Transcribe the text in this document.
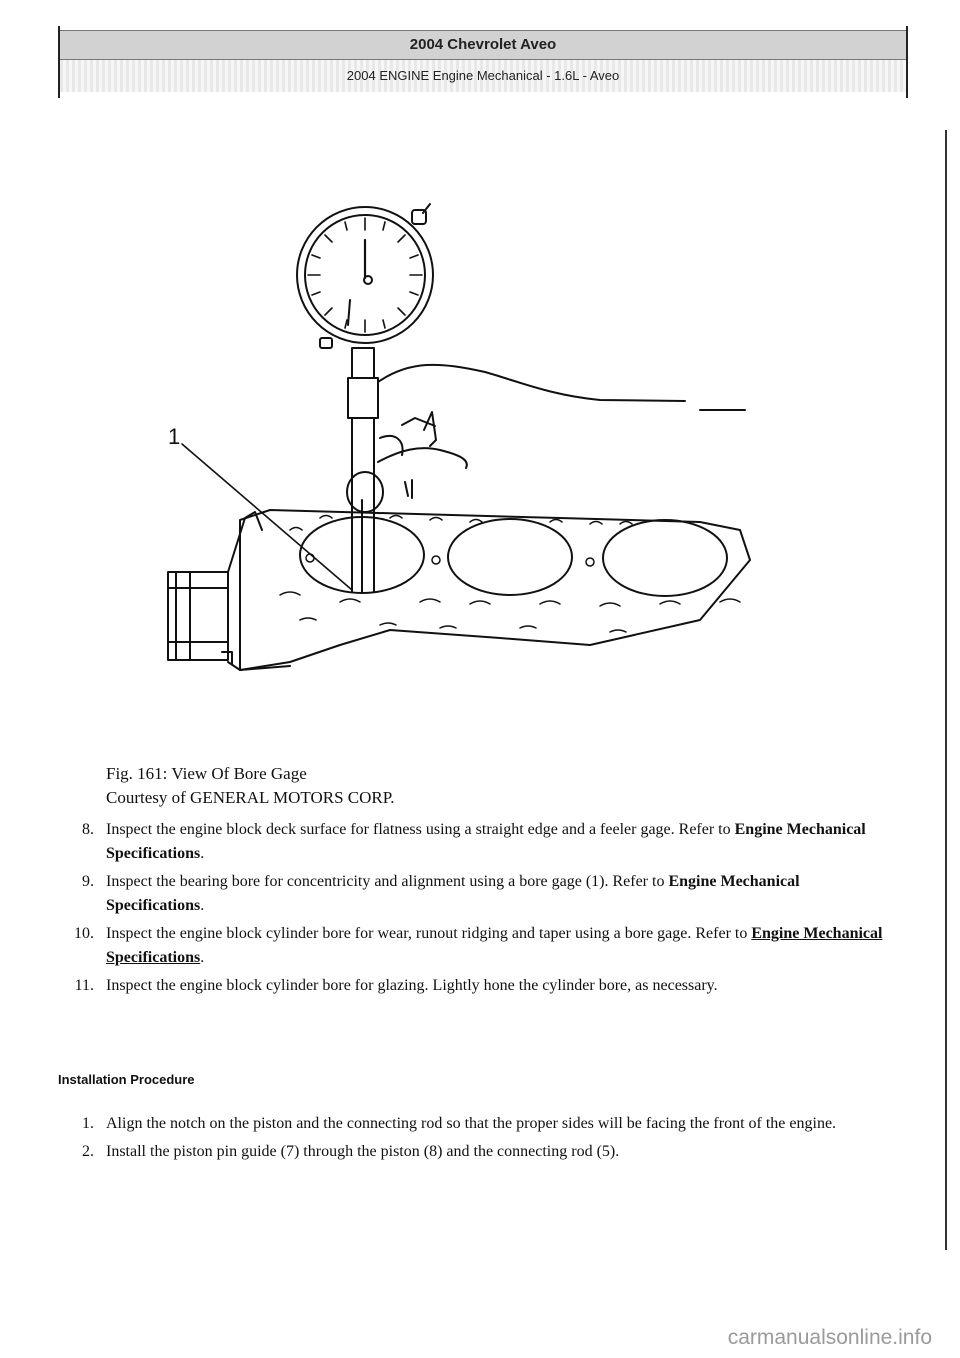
2004 Chevrolet Aveo
2004 ENGINE Engine Mechanical - 1.6L - Aveo
1
Fig. 161: View Of Bore Gage
Courtesy of GENERAL MOTORS CORP.
8. Inspect the engine block deck surface for flatness using a straight edge and a feeler gage. Refer to Engine Mechanical Specifications.
9. Inspect the bearing bore for concentricity and alignment using a bore gage (1). Refer to Engine Mechanical Specifications.
10. Inspect the engine block cylinder bore for wear, runout ridging and taper using a bore gage. Refer to Engine Mechanical Specifications.
11. Inspect the engine block cylinder bore for glazing. Lightly hone the cylinder bore, as necessary.
Installation Procedure
1. Align the notch on the piston and the connecting rod so that the proper sides will be facing the front of the engine.
2. Install the piston pin guide (7) through the piston (8) and the connecting rod (5).
carmanualsonline.info
